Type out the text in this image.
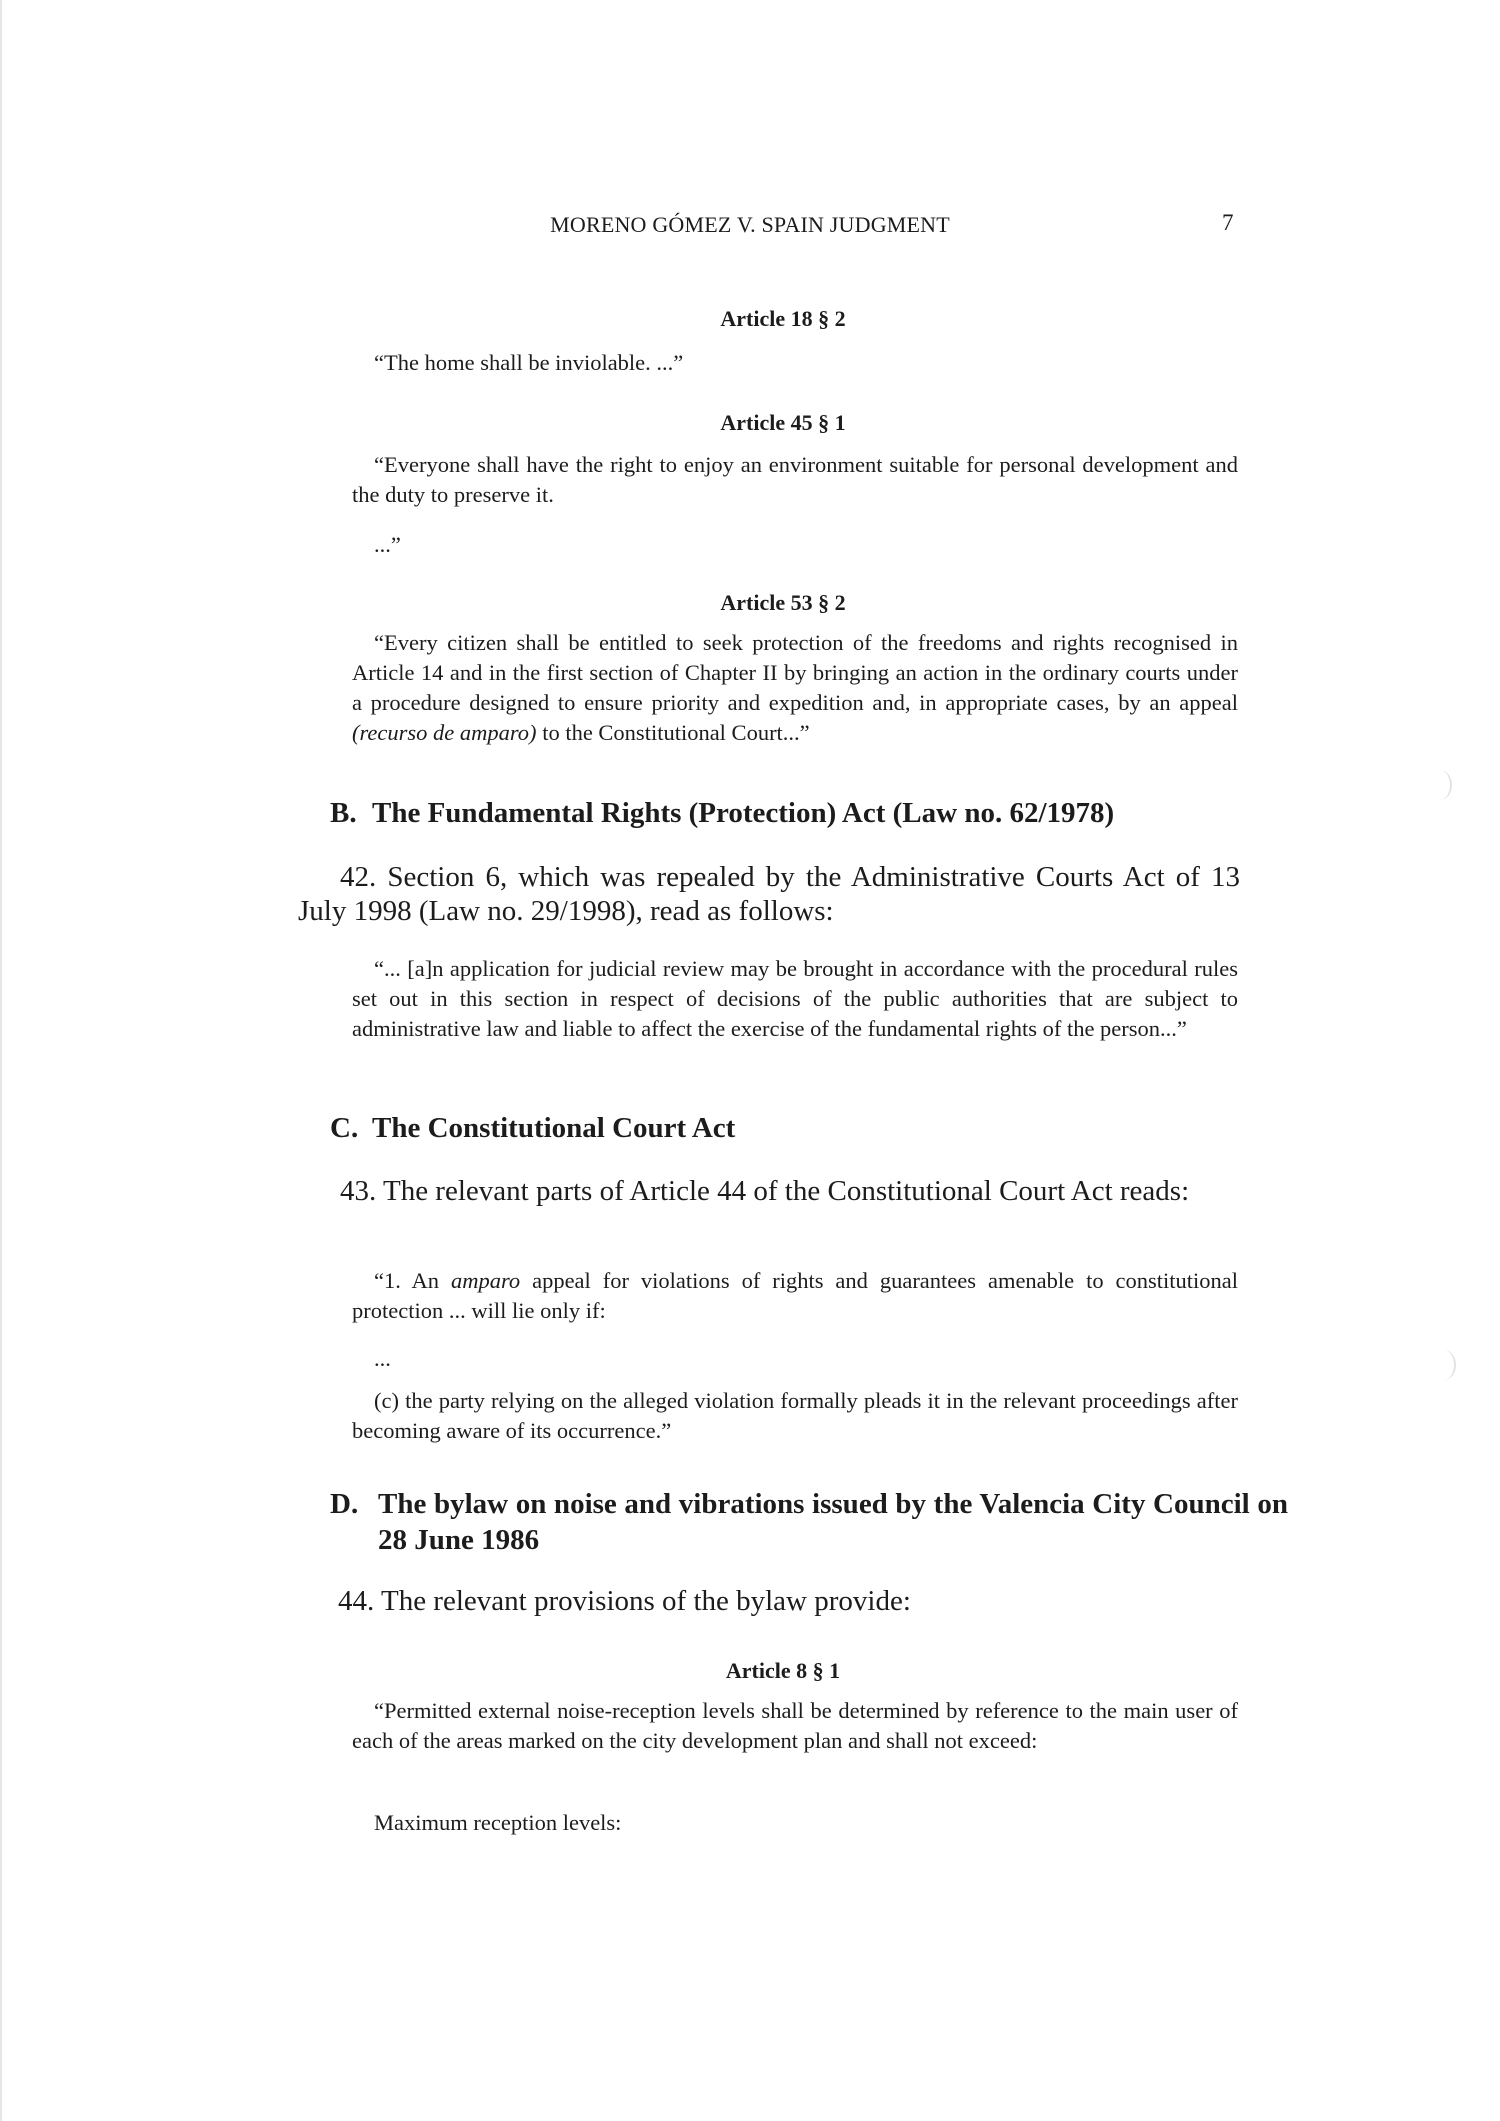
MORENO GÓMEZ V. SPAIN JUDGMENT	7
Article 18 § 2
“The home shall be inviolable. ...”
Article 45 § 1
“Everyone shall have the right to enjoy an environment suitable for personal development and the duty to preserve it.
...”
Article 53 § 2
“Every citizen shall be entitled to seek protection of the freedoms and rights recognised in Article 14 and in the first section of Chapter II by bringing an action in the ordinary courts under a procedure designed to ensure priority and expedition and, in appropriate cases, by an appeal (recurso de amparo) to the Constitutional Court...”
B. The Fundamental Rights (Protection) Act (Law no. 62/1978)
42. Section 6, which was repealed by the Administrative Courts Act of 13 July 1998 (Law no. 29/1998), read as follows:
“... [a]n application for judicial review may be brought in accordance with the procedural rules set out in this section in respect of decisions of the public authorities that are subject to administrative law and liable to affect the exercise of the fundamental rights of the person...”
C. The Constitutional Court Act
43. The relevant parts of Article 44 of the Constitutional Court Act reads:
“1. An amparo appeal for violations of rights and guarantees amenable to constitutional protection ... will lie only if:
...
(c) the party relying on the alleged violation formally pleads it in the relevant proceedings after becoming aware of its occurrence.”
D. The bylaw on noise and vibrations issued by the Valencia City Council on 28 June 1986
44. The relevant provisions of the bylaw provide:
Article 8 § 1
“Permitted external noise-reception levels shall be determined by reference to the main user of each of the areas marked on the city development plan and shall not exceed:
Maximum reception levels:
